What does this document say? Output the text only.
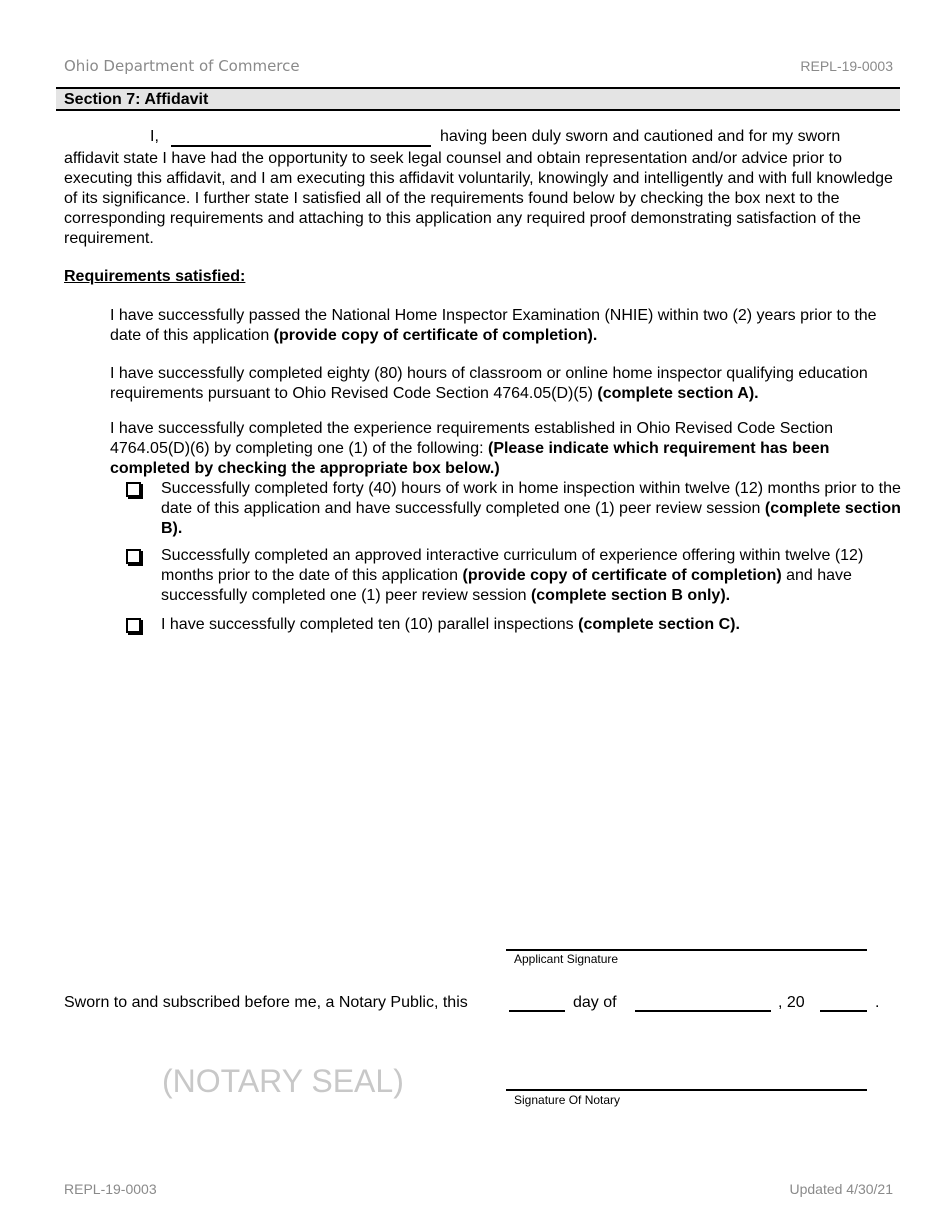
Ohio Department of Commerce	REPL-19-0003
Section 7: Affidavit
I,	having been duly sworn and cautioned and for my sworn
affidavit state I have had the opportunity to seek legal counsel and obtain representation and/or advice prior to executing this affidavit, and I am executing this affidavit voluntarily, knowingly and intelligently and with full knowledge of its significance. I further state I satisfied all of the requirements found below by checking the box next to the corresponding requirements and attaching to this application any required proof demonstrating satisfaction of the requirement.
Requirements satisfied:
I have successfully passed the National Home Inspector Examination (NHIE) within two (2) years prior to the date of this application (provide copy of certificate of completion).
I have successfully completed eighty (80) hours of classroom or online home inspector qualifying education requirements pursuant to Ohio Revised Code Section 4764.05(D)(5) (complete section A).
I have successfully completed the experience requirements established in Ohio Revised Code Section 4764.05(D)(6) by completing one (1) of the following: (Please indicate which requirement has been completed by checking the appropriate box below.)
Successfully completed forty (40) hours of work in home inspection within twelve (12) months prior to the date of this application and have successfully completed one (1) peer review session (complete section B).
Successfully completed an approved interactive curriculum of experience offering within twelve (12) months prior to the date of this application (provide copy of certificate of completion) and have successfully completed one (1) peer review session (complete section B only).
I have successfully completed ten (10) parallel inspections (complete section C).
Applicant Signature
Sworn to and subscribed before me, a Notary Public, this	day of	, 20	.
(NOTARY SEAL)
Signature Of Notary
REPL-19-0003	Updated 4/30/21
